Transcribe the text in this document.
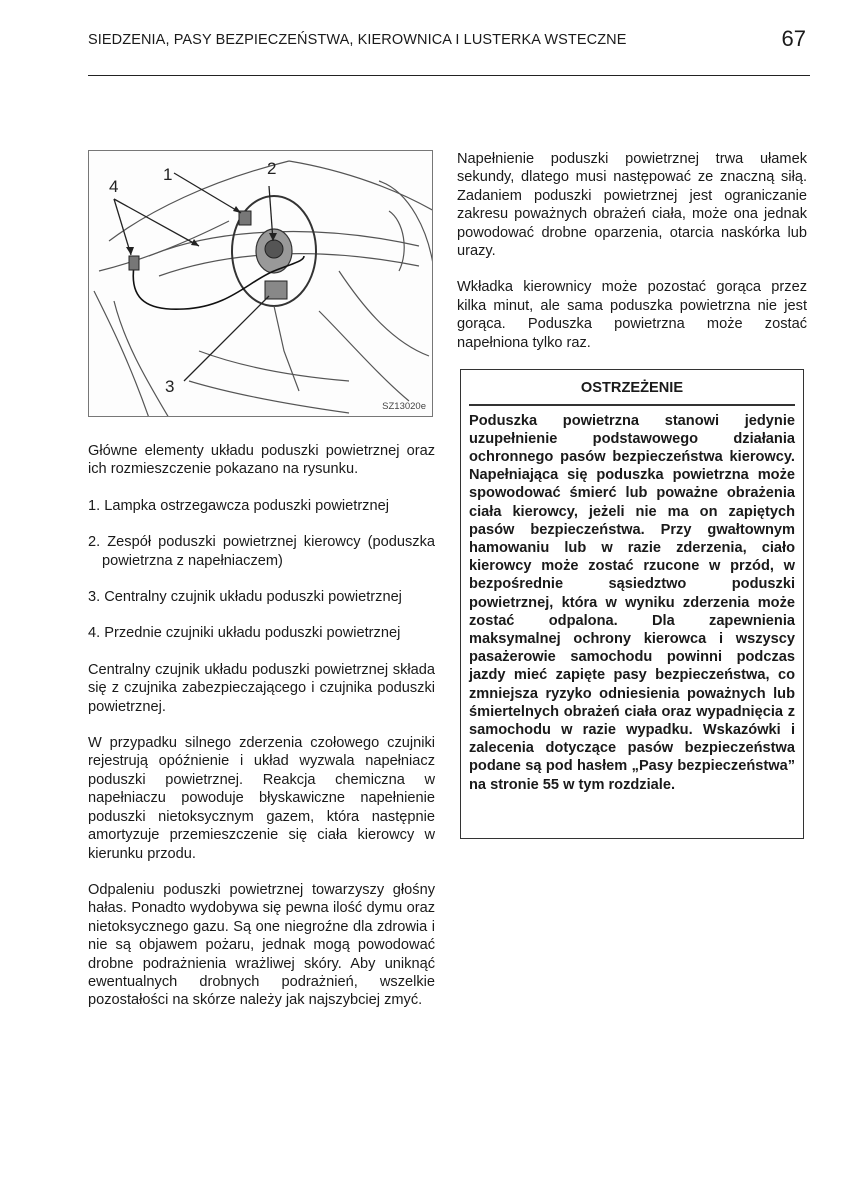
SIEDZENIA, PASY BEZPIECZEŃSTWA, KIEROWNICA I LUSTERKA WSTECZNE	67
1	2
3
4
SZ13020e

Główne elementy układu poduszki powietrznej oraz ich rozmieszczenie pokazano na rysunku.

1. Lampka ostrzegawcza poduszki powietrznej

2. Zespół poduszki powietrznej kierowcy (poduszka powietrzna z napełniaczem)

3. Centralny czujnik układu poduszki powietrznej

4. Przednie czujniki układu poduszki powietrznej

Centralny czujnik układu poduszki powietrznej składa się z czujnika zabezpieczającego i czujnika poduszki powietrznej.

W przypadku silnego zderzenia czołowego czujniki rejestrują opóźnienie i układ wyzwala napełniacz poduszki powietrznej. Reakcja chemiczna w napełniaczu powoduje błyskawiczne napełnienie poduszki nietoksycznym gazem, która następnie amortyzuje przemieszczenie się ciała kierowcy w kierunku przodu.

Odpaleniu poduszki powietrznej towarzyszy głośny hałas. Ponadto wydobywa się pewna ilość dymu oraz nietoksycznego gazu. Są one niegroźne dla zdrowia i nie są objawem pożaru, jednak mogą powodować drobne podrażnienia wrażliwej skóry. Aby uniknąć ewentualnych drobnych podrażnień, wszelkie pozostałości na skórze należy jak najszybciej zmyć.

Napełnienie poduszki powietrznej trwa ułamek sekundy, dlatego musi następować ze znaczną siłą. Zadaniem poduszki powietrznej jest ograniczanie zakresu poważnych obrażeń ciała, może ona jednak powodować drobne oparzenia, otarcia naskórka lub urazy.

Wkładka kierownicy może pozostać gorąca przez kilka minut, ale sama poduszka powietrzna nie jest gorąca. Poduszka powietrzna może zostać napełniona tylko raz.

OSTRZEŻENIE
Poduszka powietrzna stanowi jedynie uzupełnienie podstawowego działania ochronnego pasów bezpieczeństwa kierowcy. Napełniająca się poduszka powietrzna może spowodować śmierć lub poważne obrażenia ciała kierowcy, jeżeli nie ma on zapiętych pasów bezpieczeństwa. Przy gwałtownym hamowaniu lub w razie zderzenia, ciało kierowcy może zostać rzucone w przód, w bezpośrednie sąsiedztwo poduszki powietrznej, która w wyniku zderzenia może zostać odpalona. Dla zapewnienia maksymalnej ochrony kierowca i wszyscy pasażerowie samochodu powinni podczas jazdy mieć zapięte pasy bezpieczeństwa, co zmniejsza ryzyko odniesienia poważnych lub śmiertelnych obrażeń ciała oraz wypadnięcia z samochodu w razie wypadku. Wskazówki i zalecenia dotyczące pasów bezpieczeństwa podane są pod hasłem „Pasy bezpieczeństwa” na stronie 55 w tym rozdziale.
